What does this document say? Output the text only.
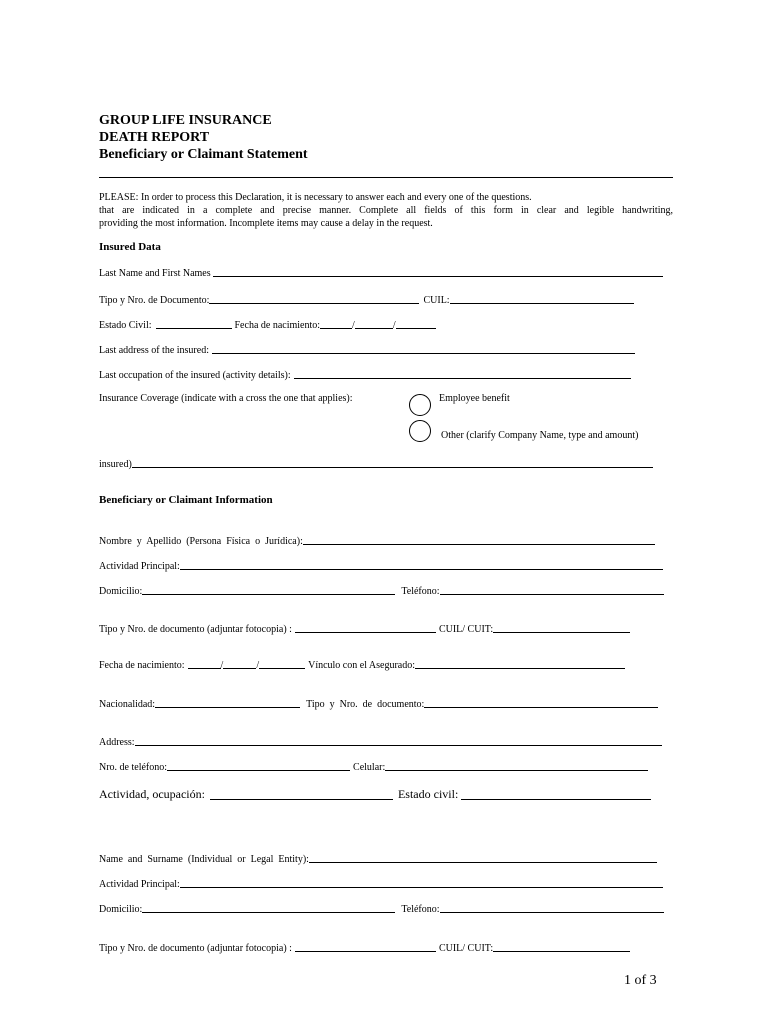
GROUP LIFE INSURANCE
DEATH REPORT
Beneficiary or Claimant Statement
PLEASE: In order to process this Declaration, it is necessary to answer each and every one of the questions.
that are indicated in a complete and precise manner. Complete all fields of this form in clear and legible handwriting,
providing the most information. Incomplete items may cause a delay in the request.
Insured Data
Last Name and First Names
Tipo y Nro. de Documento:	CUIL:
Estado Civil:	Fecha de nacimiento:	/	/
Last address of the insured:
Last occupation of the insured (activity details):
Insurance Coverage (indicate with a cross the one that applies):	Employee benefit
Other (clarify Company Name, type and amount)
insured)
Beneficiary or Claimant Information
Nombre  y  Apellido  (Persona  Física  o  Jurídica):
Actividad Principal:
Domicilio:	Teléfono:
Tipo y Nro. de documento (adjuntar fotocopia) :	CUIL/ CUIT:
Fecha de nacimiento:	/	/	Vínculo con el Asegurado:
Nacionalidad:	Tipo  y  Nro.  de  documento:
Address:
Nro. de teléfono:	Celular:
Actividad, ocupación:	Estado civil:
Name  and  Surname  (Individual  or  Legal  Entity):
Actividad Principal:
Domicilio:	Teléfono:
Tipo y Nro. de documento (adjuntar fotocopia) :	CUIL/ CUIT:
1 of 3
